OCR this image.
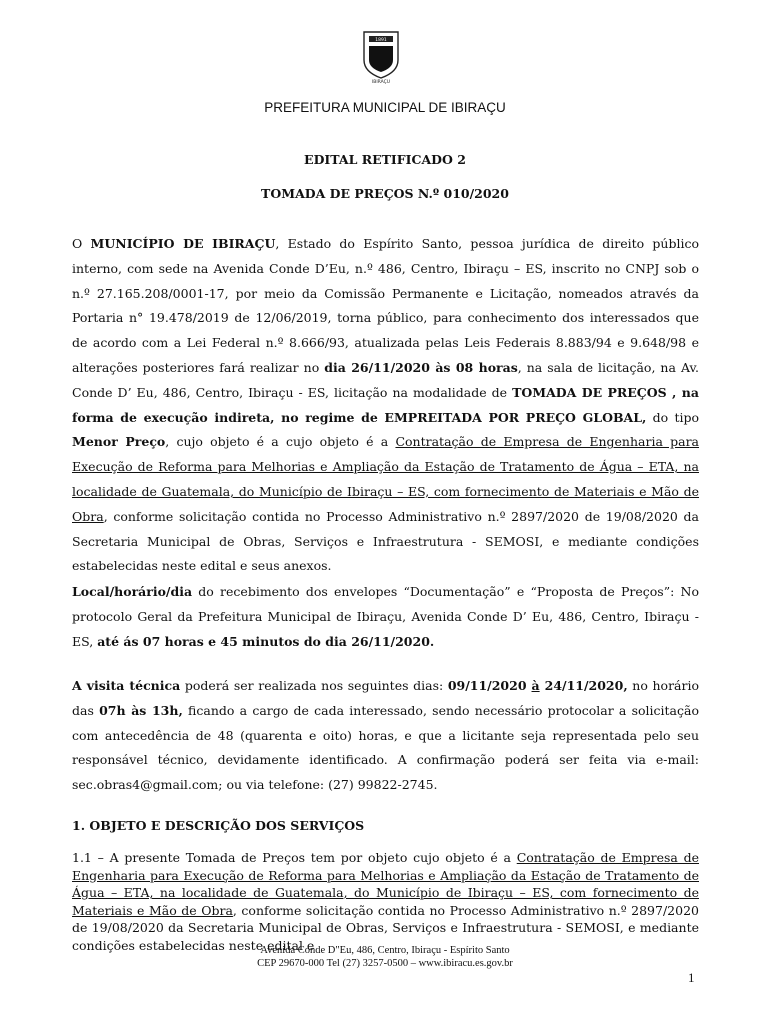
1891
IBIRAÇU
PREFEITURA MUNICIPAL DE IBIRAÇU
EDITAL RETIFICADO 2
TOMADA DE PREÇOS N.º 010/2020

O MUNICÍPIO DE IBIRAÇU, Estado do Espírito Santo, pessoa jurídica de direito público interno, com sede na Avenida Conde D’Eu, n.º 486, Centro, Ibiraçu – ES, inscrito no CNPJ sob o n.º 27.165.208/0001-17, por meio da Comissão Permanente e Licitação, nomeados através da Portaria n° 19.478/2019 de 12/06/2019, torna público, para conhecimento dos interessados que de acordo com a Lei Federal n.º 8.666/93, atualizada pelas Leis Federais 8.883/94 e 9.648/98 e alterações posteriores fará realizar no dia 26/11/2020 às 08 horas, na sala de licitação, na Av. Conde D’ Eu, 486, Centro, Ibiraçu - ES, licitação na modalidade de TOMADA DE PREÇOS , na forma de execução indireta, no regime de EMPREITADA POR PREÇO GLOBAL, do tipo Menor Preço, cujo objeto é a cujo objeto é a Contratação de Empresa de Engenharia para Execução de Reforma para Melhorias e Ampliação da Estação de Tratamento de Água – ETA, na localidade de Guatemala, do Município de Ibiraçu – ES, com fornecimento de Materiais e Mão de Obra, conforme solicitação contida no Processo Administrativo n.º 2897/2020 de 19/08/2020 da Secretaria Municipal de Obras, Serviços e Infraestrutura - SEMOSI, e mediante condições estabelecidas neste edital e seus anexos.

Local/horário/dia do recebimento dos envelopes “Documentação” e “Proposta de Preços”: No protocolo Geral da Prefeitura Municipal de Ibiraçu, Avenida Conde D’ Eu, 486, Centro, Ibiraçu - ES, até ás 07 horas e 45 minutos do dia 26/11/2020.

A visita técnica poderá ser realizada nos seguintes dias: 09/11/2020 à 24/11/2020, no horário das 07h às 13h, ficando a cargo de cada interessado, sendo necessário protocolar a solicitação com antecedência de 48 (quarenta e oito) horas, e que a licitante seja representada pelo seu responsável técnico, devidamente identificado. A confirmação poderá ser feita via e-mail: sec.obras4@gmail.com; ou via telefone: (27) 99822-2745.

1. OBJETO E DESCRIÇÃO DOS SERVIÇOS

1.1 – A presente Tomada de Preços tem por objeto cujo objeto é a Contratação de Empresa de Engenharia para Execução de Reforma para Melhorias e Ampliação da Estação de Tratamento de Água – ETA, na localidade de Guatemala, do Município de Ibiraçu – ES, com fornecimento de Materiais e Mão de Obra, conforme solicitação contida no Processo Administrativo n.º 2897/2020 de 19/08/2020 da Secretaria Municipal de Obras, Serviços e Infraestrutura - SEMOSI, e mediante condições estabelecidas neste edital e

Avenida Conde D"Eu, 486, Centro, Ibiraçu - Espírito Santo
CEP 29670-000 Tel (27) 3257-0500 – www.ibiracu.es.gov.br
1
